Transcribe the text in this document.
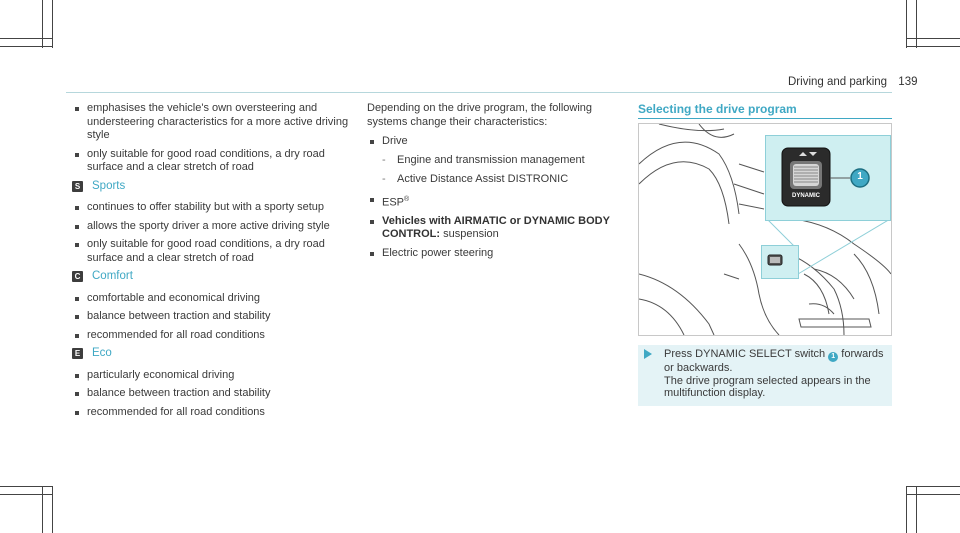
Driving and parking 139
emphasises the vehicle's own oversteering and understeering characteristics for a more active driving style
only suitable for good road conditions, a dry road surface and a clear stretch of road
S Sports
continues to offer stability but with a sporty setup
allows the sporty driver a more active driving style
only suitable for good road conditions, a dry road surface and a clear stretch of road
C Comfort
comfortable and economical driving
balance between traction and stability
recommended for all road conditions
E Eco
particularly economical driving
balance between traction and stability
recommended for all road conditions
Depending on the drive program, the following systems change their characteristics:
Drive
- Engine and transmission management
- Active Distance Assist DISTRONIC
ESP®
Vehicles with AIRMATIC or DYNAMIC BODY CONTROL: suspension
Electric power steering
Selecting the drive program
DYNAMIC
1
Press DYNAMIC SELECT switch 1 forwards or backwards.
The drive program selected appears in the multifunction display.
